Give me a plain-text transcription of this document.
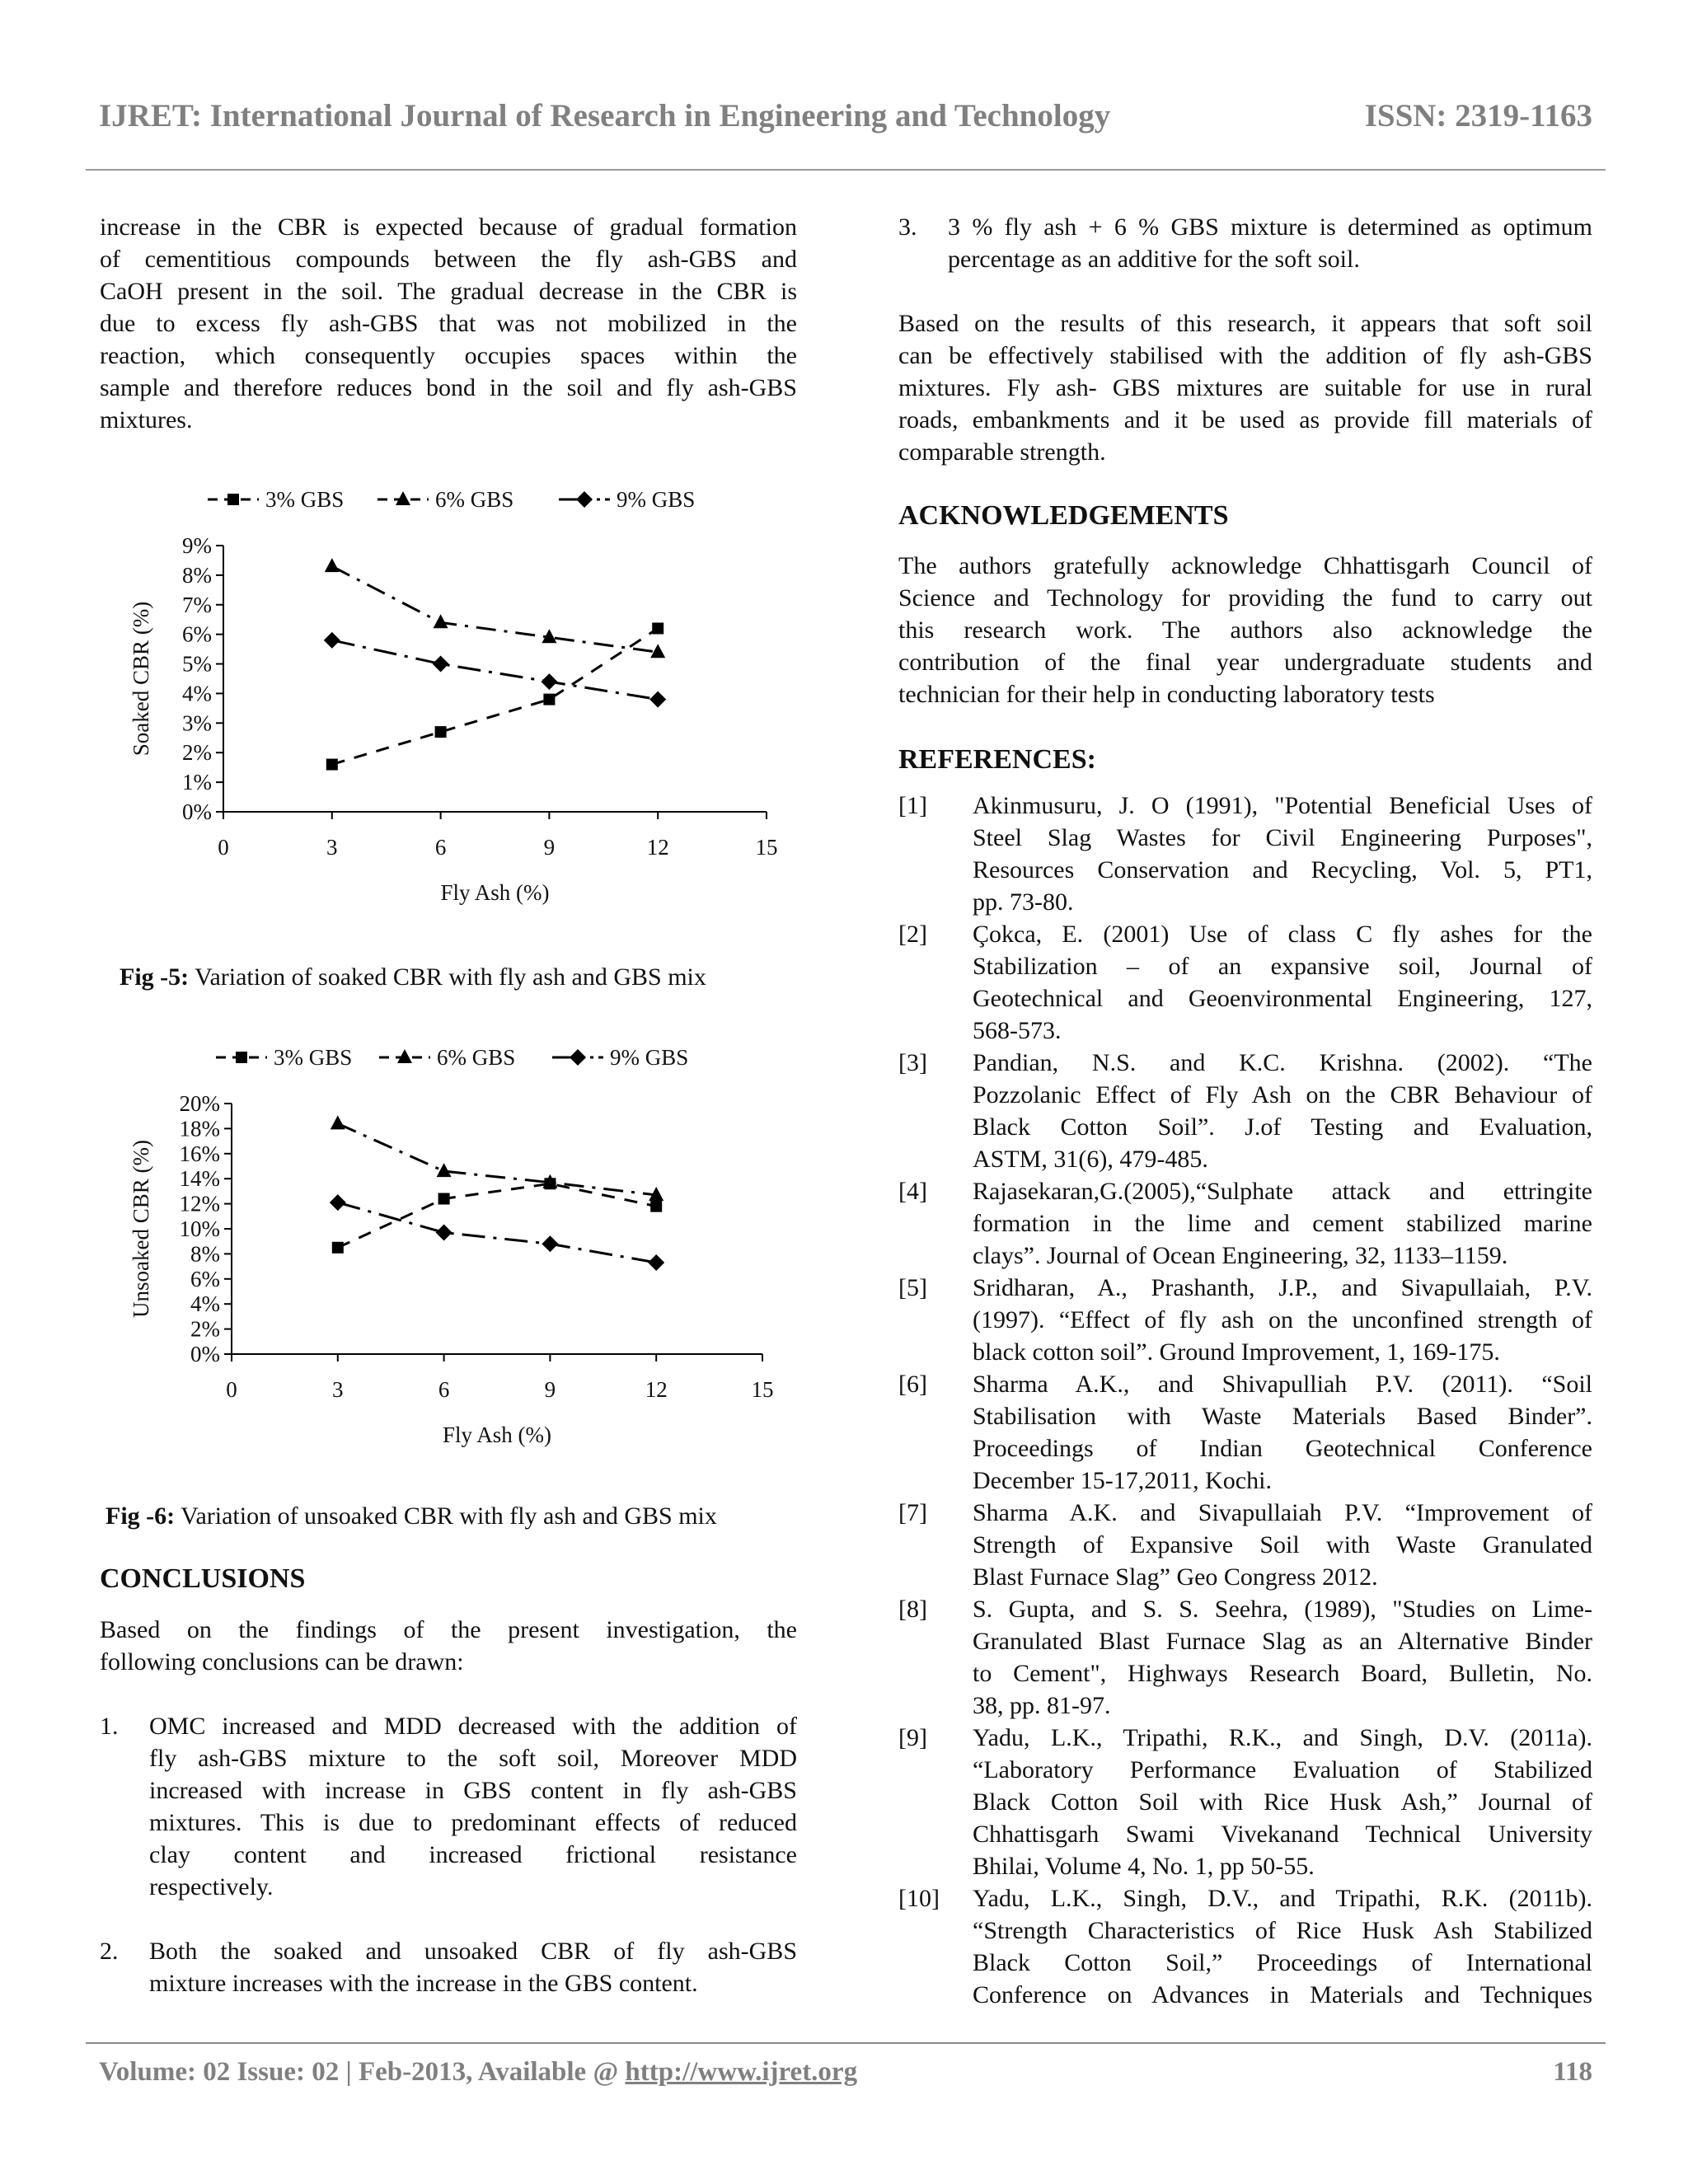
IJRET: International Journal of Research in Engineering and Technology	ISSN: 2319-1163

increase in the CBR is expected because of gradual formation

of cementitious compounds between the fly ash-GBS and

CaOH present in the soil. The gradual decrease in the CBR is

due to excess fly ash-GBS that was not mobilized in the

reaction, which consequently occupies spaces within the

sample and therefore reduces bond in the soil and fly ash-GBS

mixtures.

0%
1%
2%
3%
4%
5%
6%
7%
8%
9%
0	3	6	9	12	15
Fly Ash (%)
Soaked CBR (%)
3% GBS	6% GBS	9% GBS
Fig -5: Variation of soaked CBR with fly ash and GBS mix
0%
2%
4%
6%
8%
10%
12%
14%
16%
18%
20%
0	3	6	9	12	15
Fly Ash (%)
Unsoaked CBR (%)
3% GBS	6% GBS	9% GBS
Fig -6: Variation of unsoaked CBR with fly ash and GBS mix
CONCLUSIONS

Based on the findings of the present investigation, the

following conclusions can be drawn:

1. OMC increased and MDD decreased with the addition of

fly ash-GBS mixture to the soft soil, Moreover MDD

increased with increase in GBS content in fly ash-GBS

mixtures. This is due to predominant effects of reduced

clay content and increased frictional resistance

respectively.

2. Both the soaked and unsoaked CBR of fly ash-GBS

mixture increases with the increase in the GBS content.

3. 3 % fly ash + 6 % GBS mixture is determined as optimum

percentage as an additive for the soft soil.

Based on the results of this research, it appears that soft soil

can be effectively stabilised with the addition of fly ash-GBS

mixtures. Fly ash- GBS mixtures are suitable for use in rural

roads, embankments and it be used as provide fill materials of

comparable strength.

ACKNOWLEDGEMENTS

The authors gratefully acknowledge Chhattisgarh Council of

Science and Technology for providing the fund to carry out

this research work. The authors also acknowledge the

contribution of the final year undergraduate students and

technician for their help in conducting laboratory tests

REFERENCES:
[1] Akinmusuru, J. O (1991), "Potential Beneficial Uses of

Steel Slag Wastes for Civil Engineering Purposes",

Resources Conservation and Recycling, Vol. 5, PT1,

pp. 73-80.

[2] Çokca, E. (2001) Use of class C fly ashes for the

Stabilization – of an expansive soil, Journal of

Geotechnical and Geoenvironmental Engineering, 127,

568-573.

[3] Pandian, N.S. and K.C. Krishna. (2002). “The

Pozzolanic Effect of Fly Ash on the CBR Behaviour of

Black Cotton Soil”. J.of Testing and Evaluation,

ASTM, 31(6), 479-485.

[4] Rajasekaran,G.(2005),“Sulphate attack and ettringite

formation in the lime and cement stabilized marine

clays”. Journal of Ocean Engineering, 32, 1133–1159.

[5] Sridharan, A., Prashanth, J.P., and Sivapullaiah, P.V.

(1997). “Effect of fly ash on the unconfined strength of

black cotton soil”. Ground Improvement, 1, 169-175.

[6] Sharma A.K., and Shivapulliah P.V. (2011). “Soil

Stabilisation with Waste Materials Based Binder”.

Proceedings of Indian Geotechnical Conference

December 15-17,2011, Kochi.

[7] Sharma A.K. and Sivapullaiah P.V. “Improvement of

Strength of Expansive Soil with Waste Granulated

Blast Furnace Slag” Geo Congress 2012.

[8] S. Gupta, and S. S. Seehra, (1989), "Studies on Lime-

Granulated Blast Furnace Slag as an Alternative Binder

to Cement", Highways Research Board, Bulletin, No.

38, pp. 81-97.

[9] Yadu, L.K., Tripathi, R.K., and Singh, D.V. (2011a).

“Laboratory Performance Evaluation of Stabilized

Black Cotton Soil with Rice Husk Ash,” Journal of

Chhattisgarh Swami Vivekanand Technical University

Bhilai, Volume 4, No. 1, pp 50-55.

[10] Yadu, L.K., Singh, D.V., and Tripathi, R.K. (2011b).

“Strength Characteristics of Rice Husk Ash Stabilized

Black Cotton Soil,” Proceedings of International

Conference on Advances in Materials and Techniques

Volume: 02 Issue: 02 | Feb-2013, Available @ http://www.ijret.org	118
